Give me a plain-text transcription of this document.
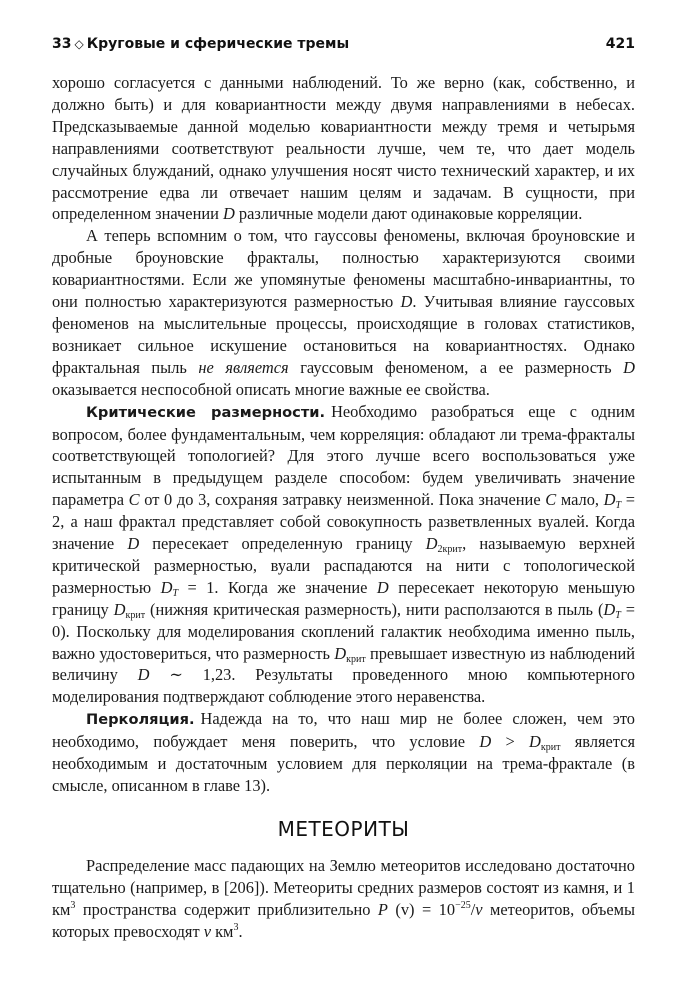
33 ◇ Круговые и сферические тремы	421

хорошо согласуется с данными наблюдений. То же верно (как, собственно, и должно быть) и для ковариантности между двумя направлениями в небесах. Предсказываемые данной моделью ковариантности между тремя и четырьмя направлениями соответствуют реальности лучше, чем те, что дает модель случайных блужданий, однако улучшения носят чисто технический характер, и их рассмотрение едва ли отвечает нашим целям и задачам. В сущности, при определенном значении D различные модели дают одинаковые корреляции.

А теперь вспомним о том, что гауссовы феномены, включая броуновские и дробные броуновские фракталы, полностью характеризуются своими ковариантностями. Если же упомянутые феномены масштабно-инвариантны, то они полностью характеризуются размерностью D. Учитывая влияние гауссовых феноменов на мыслительные процессы, происходящие в головах статистиков, возникает сильное искушение остановиться на ковариантностях. Однако фрактальная пыль не является гауссовым феноменом, а ее размерность D оказывается неспособной описать многие важные ее свойства.

Критические размерности. Необходимо разобраться еще с одним вопросом, более фундаментальным, чем корреляция: обладают ли трема-фракталы соответствующей топологией? Для этого лучше всего воспользоваться уже испытанным в предыдущем разделе способом: будем увеличивать значение параметра C от 0 до 3, сохраняя затравку неизменной. Пока значение C мало, $D_T = 2$, а наш фрактал представляет собой совокупность разветвленных вуалей. Когда значение D пересекает определенную границу $D_{2крит}$, называемую верхней критической размерностью, вуали распадаются на нити с топологической размерностью $D_T = 1$. Когда же значение D пересекает некоторую меньшую границу $D_{крит}$ (нижняя критическая размерность), нити расползаются в пыль $(D_T = 0)$. Поскольку для моделирования скоплений галактик необходима именно пыль, важно удостовериться, что размерность $D_{крит}$ превышает известную из наблюдений величину D ∼ 1,23. Результаты проведенного мною компьютерного моделирования подтверждают соблюдение этого неравенства.

Перколяция. Надежда на то, что наш мир не более сложен, чем это необходимо, побуждает меня поверить, что условие $D > D_{крит}$ является необходимым и достаточным условием для перколяции на трема-фрактале (в смысле, описанном в главе 13).

МЕТЕОРИТЫ

Распределение масс падающих на Землю метеоритов исследовано достаточно тщательно (например, в [206]). Метеориты средних размеров состоят из камня, и 1 $км^3$ пространства содержит приблизительно P $(v) = 10^{-25}/v$ метеоритов, объемы которых превосходят v $км^3$.
